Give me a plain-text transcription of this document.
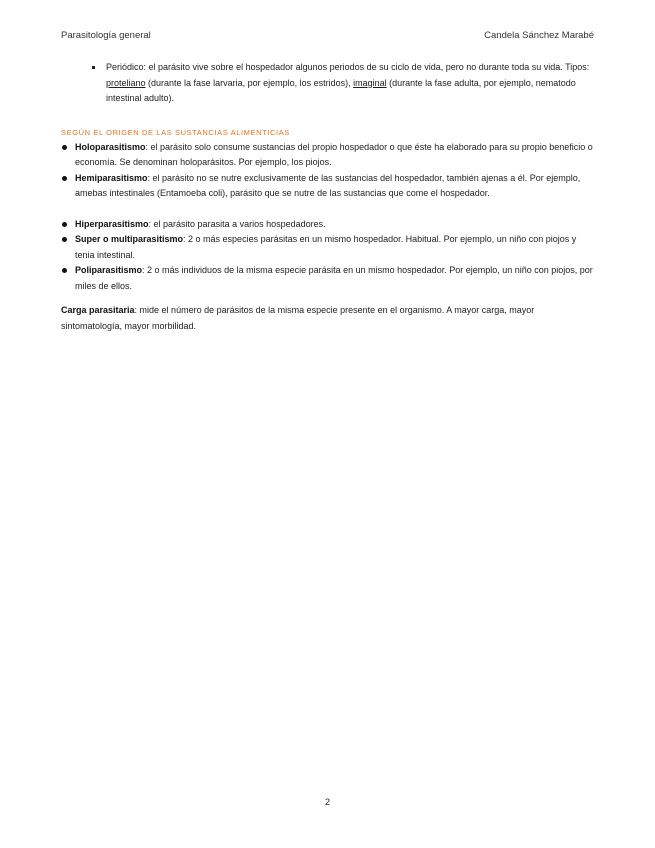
Parasitología general	Candela Sánchez Marabé
Periódico: el parásito vive sobre el hospedador algunos periodos de su ciclo de vida, pero no durante toda su vida. Tipos: proteliano (durante la fase larvaria, por ejemplo, los estridos), imaginal (durante la fase adulta, por ejemplo, nematodo intestinal adulto).
SEGÚN EL ORIGEN DE LAS SUSTANCIAS ALIMENTICIAS
Holoparasitismo: el parásito solo consume sustancias del propio hospedador o que éste ha elaborado para su propio beneficio o economía. Se denominan holoparásitos. Por ejemplo, los piojos.
Hemiparasitismo: el parásito no se nutre exclusivamente de las sustancias del hospedador, también ajenas a él. Por ejemplo, amebas intestinales (Entamoeba coli), parásito que se nutre de las sustancias que come el hospedador.
Hiperparasitismo: el parásito parasita a varios hospedadores.
Super o multiparasitismo: 2 o más especies parásitas en un mismo hospedador. Habitual. Por ejemplo, un niño con piojos y tenia intestinal.
Poliparasitismo: 2 o más individuos de la misma especie parásita en un mismo hospedador. Por ejemplo, un niño con piojos, por miles de ellos.

Carga parasitaria: mide el número de parásitos de la misma especie presente en el organismo. A mayor carga, mayor sintomatología, mayor morbilidad.

2
